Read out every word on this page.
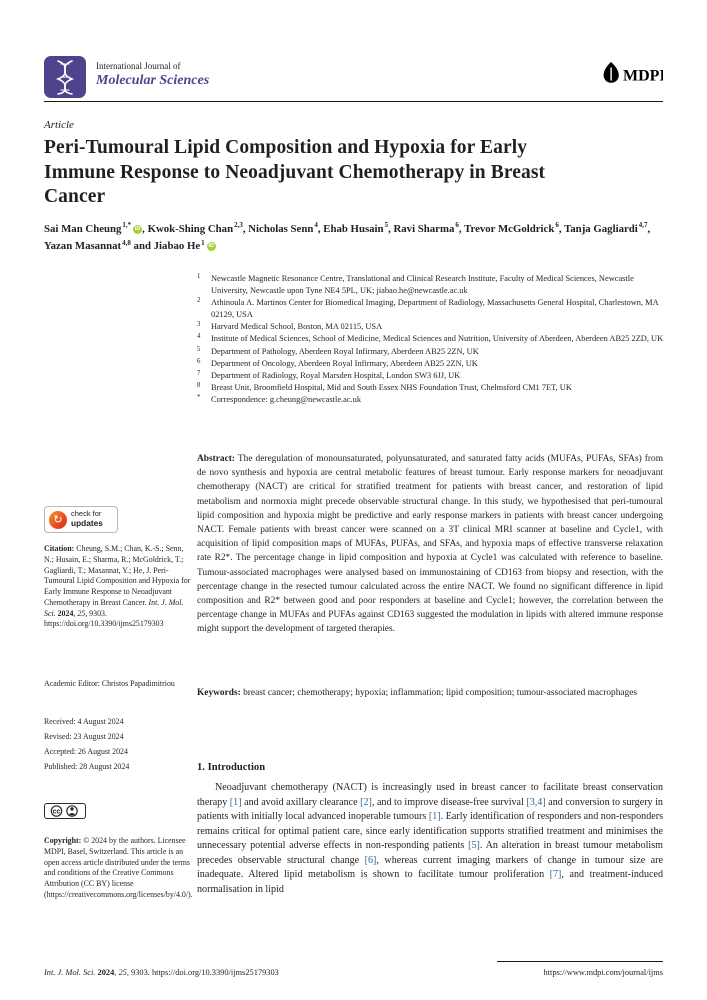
International Journal of
Molecular Sciences	MDPI
Article
Peri-Tumoural Lipid Composition and Hypoxia for Early Immune Response to Neoadjuvant Chemotherapy in Breast Cancer
Sai Man Cheung$^{1,*}$ iD , Kwok-Shing Chan$^{2,3}$, Nicholas Senn$^4$, Ehab Husain$^5$, Ravi Sharma$^6$, Trevor McGoldrick$^6$, Tanja Gagliardi$^{4,7}$, Yazan Masannat$^{4,8}$ and Jiabao He$^1$ iD
1 Newcastle Magnetic Resonance Centre, Translational and Clinical Research Institute, Faculty of Medical Sciences, Newcastle University, Newcastle upon Tyne NE4 5PL, UK; jiabao.he@newcastle.ac.uk
2 Athinoula A. Martinos Center for Biomedical Imaging, Department of Radiology, Massachusetts General Hospital, Charlestown, MA 02129, USA
3 Harvard Medical School, Boston, MA 02115, USA
4 Institute of Medical Sciences, School of Medicine, Medical Sciences and Nutrition, University of Aberdeen, Aberdeen AB25 2ZD, UK
5 Department of Pathology, Aberdeen Royal Infirmary, Aberdeen AB25 2ZN, UK
6 Department of Oncology, Aberdeen Royal Infirmary, Aberdeen AB25 2ZN, UK
7 Department of Radiology, Royal Marsden Hospital, London SW3 6JJ, UK
8 Breast Unit, Broomfield Hospital, Mid and South Essex NHS Foundation Trust, Chelmsford CM1 7ET, UK
* Correspondence: g.cheung@newcastle.ac.uk
Abstract: The deregulation of monounsaturated, polyunsaturated, and saturated fatty acids (MUFAs, PUFAs, SFAs) from de novo synthesis and hypoxia are central metabolic features of breast tumour. Early response markers for neoadjuvant chemotherapy (NACT) are critical for stratified treatment for patients with breast cancer, and restoration of lipid metabolism and normoxia might precede observable structural change. In this study, we hypothesised that peri-tumoural lipid composition and hypoxia might be predictive and early response markers in patients with breast cancer undergoing NACT. Female patients with breast cancer were scanned on a 3T clinical MRI scanner at baseline and Cycle1, with acquisition of lipid composition maps of MUFAs, PUFAs, and SFAs, and hypoxia maps of effective transverse relaxation rate R2*. The percentage change in lipid composition and hypoxia at Cycle1 was calculated with reference to baseline. Tumour-associated macrophages were analysed based on immunostaining of CD163 from biopsy and resection, with the percentage change in the resected tumour calculated across the entire NACT. We found no significant difference in lipid composition and R2* between good and poor responders at baseline and Cycle1; however, the correlation between the percentage change in MUFAs and PUFAs against CD163 suggested the modulation in lipids with altered immune response might support the development of targeted therapies.
Keywords: breast cancer; chemotherapy; hypoxia; inflammation; lipid composition; tumour-associated macrophages
1. Introduction
Neoadjuvant chemotherapy (NACT) is increasingly used in breast cancer to facilitate breast conservation therapy [1] and avoid axillary clearance [2], and to improve disease-free survival [3,4] and conversion to surgery in patients with initially local advanced inoperable tumours [1]. Early identification of responders and non-responders remains critical for optimal patient care, since early identification supports stratified treatment and minimises the unnecessary potential adverse effects in non-responding patients [5]. An alteration in breast tumour metabolism precedes observable structural change [6], whereas current imaging markers of change in tumour size are inadequate. Altered lipid metabolism is shown to facilitate tumour proliferation [7], and treatment-induced normalisation in lipid
↻	check for
updates
Citation: Cheung, S.M.; Chan, K.-S.; Senn, N.; Husain, E.; Sharma, R.; McGoldrick, T.; Gagliardi, T.; Masannat, Y.; He, J. Peri-Tumoural Lipid Composition and Hypoxia for Early Immune Response to Neoadjuvant Chemotherapy in Breast Cancer. Int. J. Mol. Sci. 2024, 25, 9303. https://doi.org/10.3390/ijms25179303
Academic Editor: Christos Papadimitriou
Received: 4 August 2024
Revised: 23 August 2024
Accepted: 26 August 2024
Published: 28 August 2024
cc
Copyright: © 2024 by the authors. Licensee MDPI, Basel, Switzerland. This article is an open access article distributed under the terms and conditions of the Creative Commons Attribution (CC BY) license (https://creativecommons.org/licenses/by/4.0/).
Int. J. Mol. Sci. 2024, 25, 9303. https://doi.org/10.3390/ijms25179303	https://www.mdpi.com/journal/ijms
